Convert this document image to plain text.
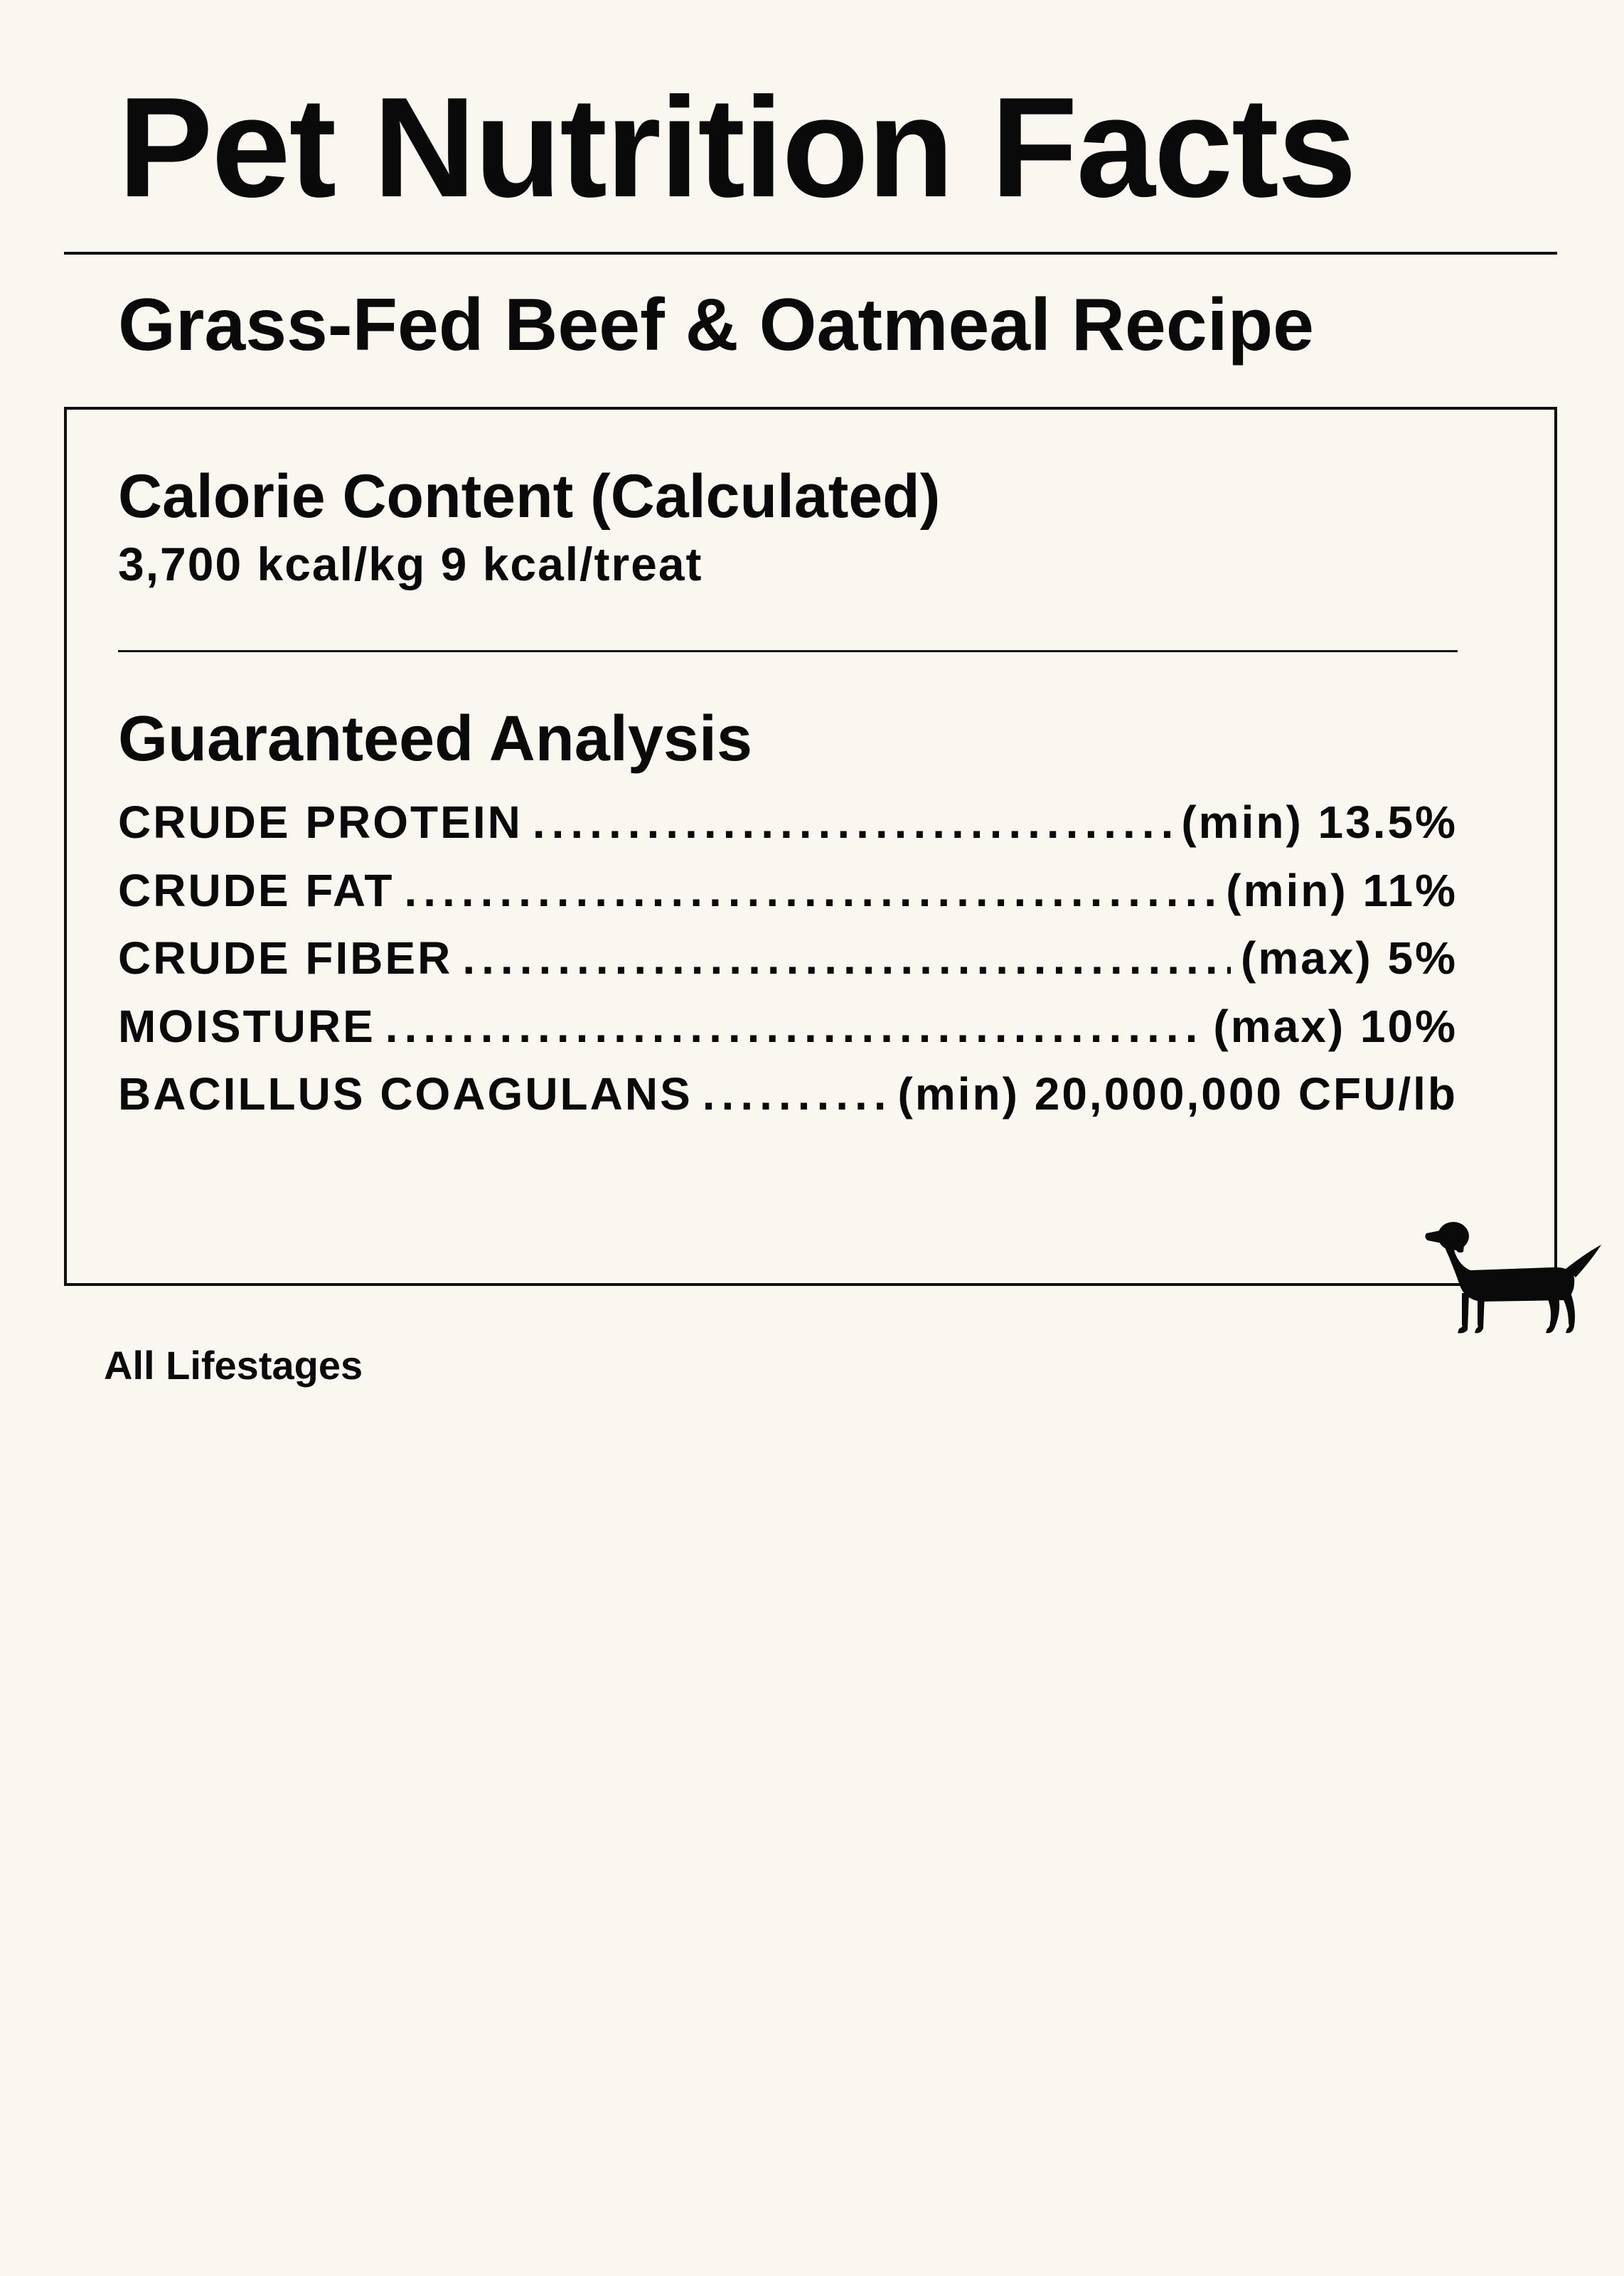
Pet Nutrition Facts
Grass-Fed Beef & Oatmeal Recipe
Calorie Content (Calculated)
3,700 kcal/kg 9 kcal/treat
Guaranteed Analysis
CRUDE PROTEIN .....	(min) 13.5%
CRUDE FAT .....	(min) 11%
CRUDE FIBER .....	(max) 5%
MOISTURE .....	(max) 10%
BACILLUS COAGULANS .....	(min) 20,000,000 CFU/lb
All Lifestages
